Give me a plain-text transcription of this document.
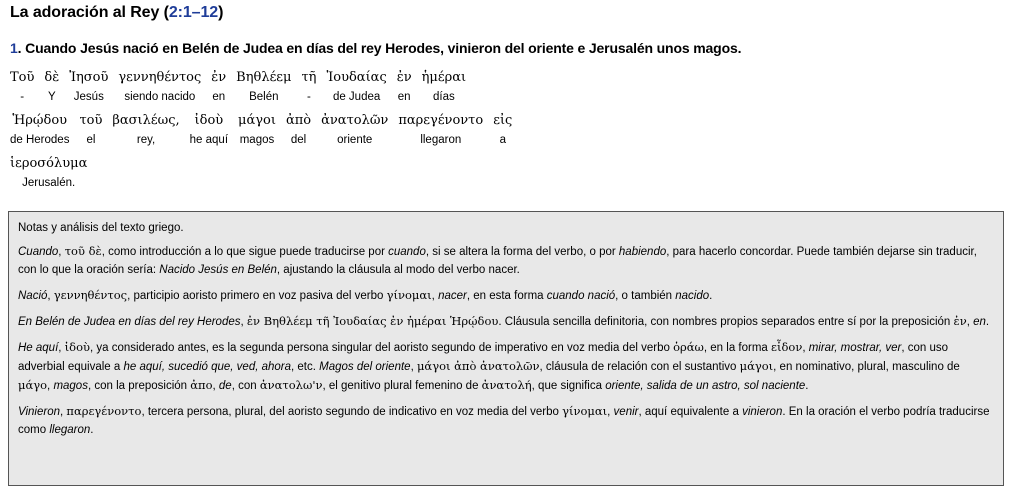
La adoración al Rey (2:1–12)
1. Cuando Jesús nació en Belén de Judea en días del rey Herodes, vinieron del oriente e Jerusalén unos magos.
Τοῦ
-
δὲ
Y
Ἰησοῦ
Jesús
γεννηθέντος
siendo nacido
ἐν
en
Βηθλέεμ
Belén
τῆ
-
Ἰουδαίας
de Judea
ἐν
en
ἡμέραι
días
Ἡρῴδου
de Herodes
τοῦ
el
βασιλέως,
rey,
ἰδοὺ
he aquí
μάγοι
magos
ἀπὸ
del
ἀνατολῶν
oriente
παρεγένοντο
llegaron
εἰς
a
ἱεροσόλυμα
Jerusalén.

Notas y análisis del texto griego.

Cuando, τοῦ δὲ, como introducción a lo que sigue puede traducirse por cuando, si se altera la forma del verbo, o por habiendo, para hacerlo concordar. Puede también dejarse sin traducir, con lo que la oración sería: Nacido Jesús en Belén, ajustando la cláusula al modo del verbo nacer.

Nació, γεννηθέντος, participio aoristo primero en voz pasiva del verbo γίνομαι, nacer, en esta forma cuando nació, o también nacido.

En Belén de Judea en días del rey Herodes, ἐν Βηθλέεμ τῆ Ἰουδαίας ἐν ἡμέραι Ἡρῴδου. Cláusula sencilla definitoria, con nombres propios separados entre sí por la preposición ἐν, en.

He aquí, ἰδοὺ, ya considerado antes, es la segunda persona singular del aoristo segundo de imperativo en voz media del verbo ὁράω, en la forma εἶδον, mirar, mostrar, ver, con uso adverbial equivale a he aquí, sucedió que, ved, ahora, etc. Magos del oriente, μάγοι ἀπὸ ἀνατολῶν, cláusula de relación con el sustantivo μάγοι, en nominativo, plural, masculino de μάγο, magos, con la preposición ἀπο, de, con ἀνατολω'ν, el genitivo plural femenino de ἀνατολή, que significa oriente, salida de un astro, sol naciente.

Vinieron, παρεγένοντο, tercera persona, plural, del aoristo segundo de indicativo en voz media del verbo γίνομαι, venir, aquí equivalente a vinieron. En la oración el verbo podría traducirse como llegaron.
